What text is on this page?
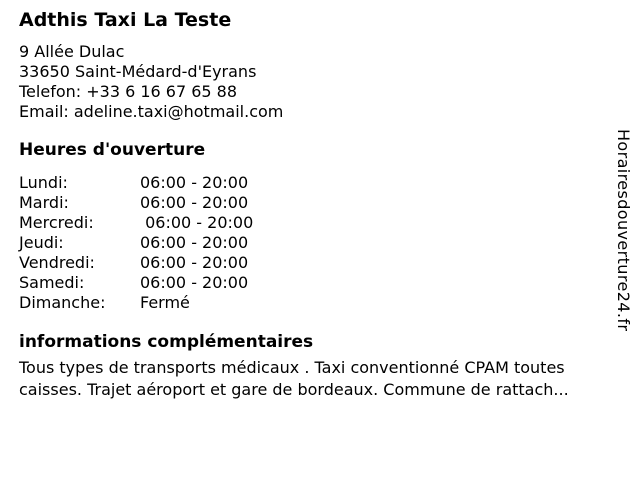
Adthis Taxi La Teste
9 Allée Dulac
33650 Saint-Médard-d'Eyrans
Telefon: +33 6 16 67 65 88
Email: adeline.taxi@hotmail.com
Heures d'ouverture
Lundi:	06:00 - 20:00
Mardi:	06:00 - 20:00
Mercredi:	06:00 - 20:00
Jeudi:	06:00 - 20:00
Vendredi:	06:00 - 20:00
Samedi:	06:00 - 20:00
Dimanche:	Fermé
informations complémentaires
Tous types de transports médicaux . Taxi conventionné CPAM toutes
caisses. Trajet aéroport et gare de bordeaux. Commune de rattach...
Horairesdouverture24.fr
